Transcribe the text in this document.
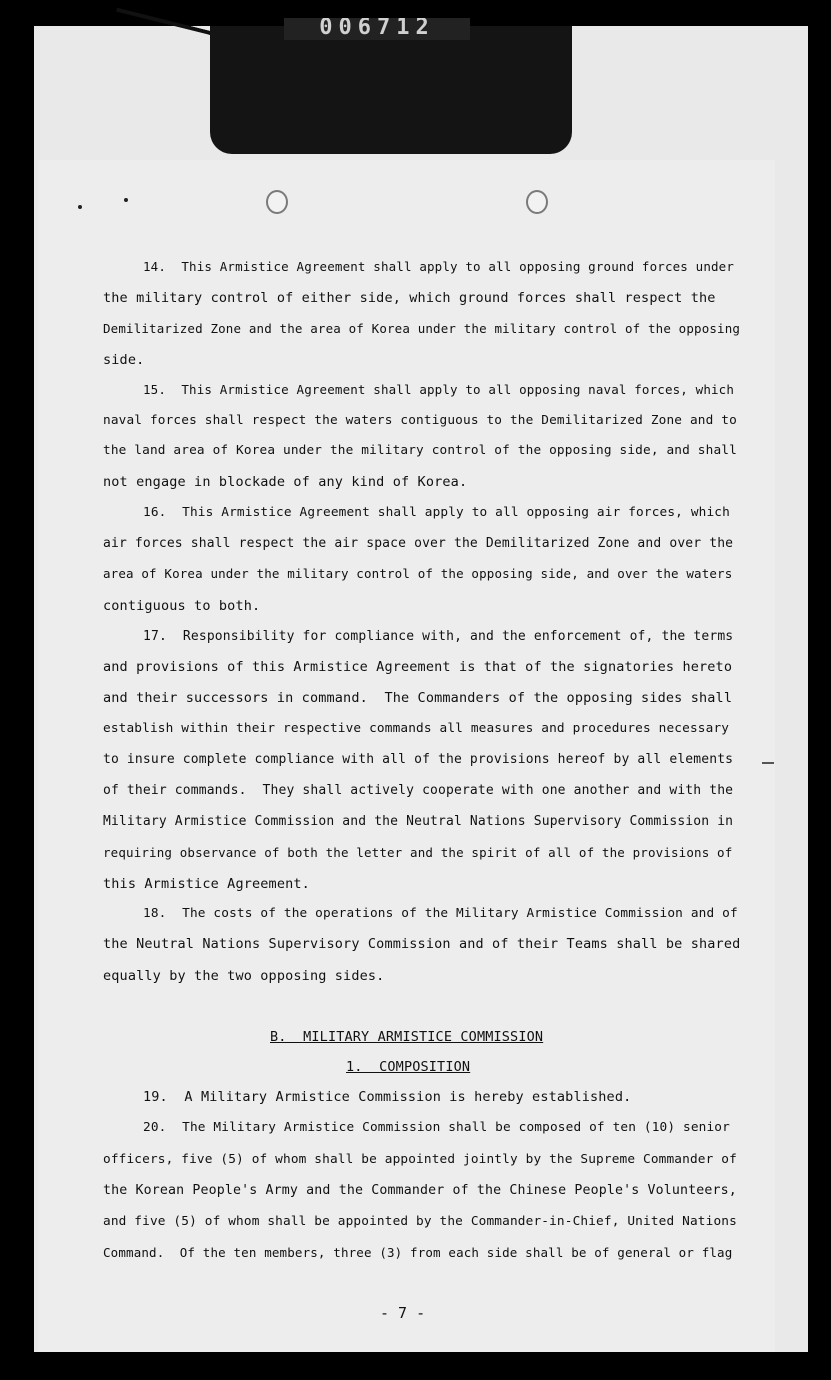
006712
14.  This Armistice Agreement shall apply to all opposing ground forces under
the military control of either side, which ground forces shall respect the
Demilitarized Zone and the area of Korea under the military control of the opposing
side.
15.  This Armistice Agreement shall apply to all opposing naval forces, which
naval forces shall respect the waters contiguous to the Demilitarized Zone and to
the land area of Korea under the military control of the opposing side, and shall
not engage in blockade of any kind of Korea.
16.  This Armistice Agreement shall apply to all opposing air forces, which
air forces shall respect the air space over the Demilitarized Zone and over the
area of Korea under the military control of the opposing side, and over the waters
contiguous to both.
17.  Responsibility for compliance with, and the enforcement of, the terms
and provisions of this Armistice Agreement is that of the signatories hereto
and their successors in command.  The Commanders of the opposing sides shall
establish within their respective commands all measures and procedures necessary
to insure complete compliance with all of the provisions hereof by all elements
of their commands.  They shall actively cooperate with one another and with the
Military Armistice Commission and the Neutral Nations Supervisory Commission in
requiring observance of both the letter and the spirit of all of the provisions of
this Armistice Agreement.
18.  The costs of the operations of the Military Armistice Commission and of
the Neutral Nations Supervisory Commission and of their Teams shall be shared
equally by the two opposing sides.
B.  MILITARY ARMISTICE COMMISSION
1.  COMPOSITION
19.  A Military Armistice Commission is hereby established.
20.  The Military Armistice Commission shall be composed of ten (10) senior
officers, five (5) of whom shall be appointed jointly by the Supreme Commander of
the Korean People's Army and the Commander of the Chinese People's Volunteers,
and five (5) of whom shall be appointed by the Commander-in-Chief, United Nations
Command.  Of the ten members, three (3) from each side shall be of general or flag
- 7 -
